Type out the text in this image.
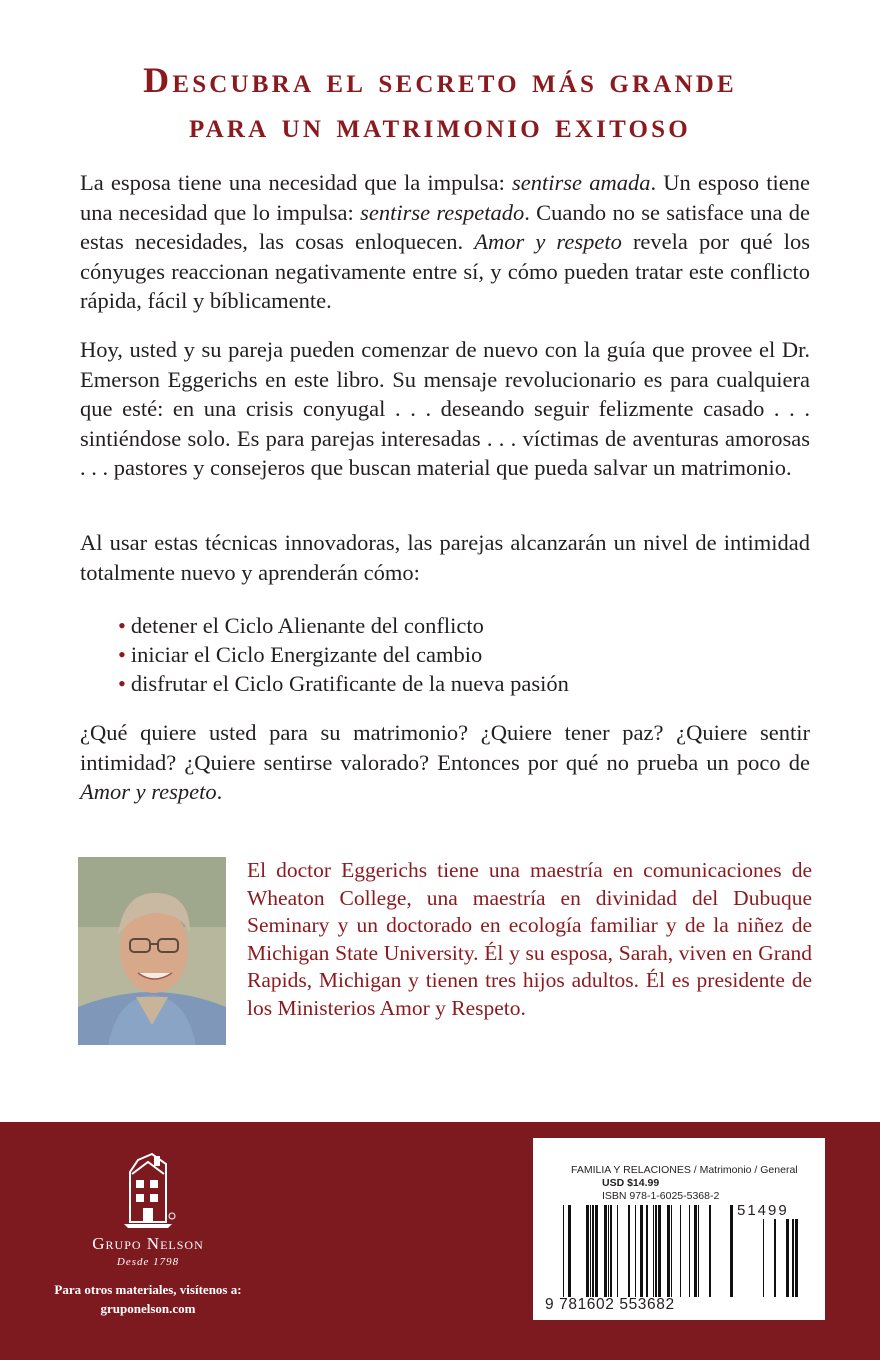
Descubra el secreto más grande
para un matrimonio exitoso

La esposa tiene una necesidad que la impulsa: sentirse amada. Un esposo tiene una necesidad que lo impulsa: sentirse respetado. Cuando no se satisface una de estas necesidades, las cosas enloquecen. Amor y respeto revela por qué los cónyuges reaccionan negativamente entre sí, y cómo pueden tratar este conflicto rápida, fácil y bíblicamente.

Hoy, usted y su pareja pueden comenzar de nuevo con la guía que provee el Dr. Emerson Eggerichs en este libro. Su mensaje revolucionario es para cualquiera que esté: en una crisis conyugal . . . deseando seguir felizmente casado . . . sintiéndose solo. Es para parejas interesadas . . . víctimas de aventuras amorosas . . . pastores y consejeros que buscan material que pueda salvar un matrimonio.

Al usar estas técnicas innovadoras, las parejas alcanzarán un nivel de intimidad totalmente nuevo y aprenderán cómo:

• detener el Ciclo Alienante del conflicto
• iniciar el Ciclo Energizante del cambio
• disfrutar el Ciclo Gratificante de la nueva pasión

¿Qué quiere usted para su matrimonio? ¿Quiere tener paz? ¿Quiere sentir intimidad? ¿Quiere sentirse valorado? Entonces por qué no prueba un poco de Amor y respeto.

El doctor Eggerichs tiene una maestría en comunicaciones de Wheaton College, una maestría en divinidad del Dubuque Seminary y un doctorado en ecología familiar y de la niñez de Michigan State University. Él y su esposa, Sarah, viven en Grand Rapids, Michigan y tienen tres hijos adultos. Él es presidente de los Ministerios Amor y Respeto.

Grupo Nelson
Desde 1798
Para otros materiales, visítenos a:
gruponelson.com
FAMILIA Y RELACIONES / Matrimonio / General
USD $14.99
ISBN 978-1-6025-5368-2
51499
9 781602 553682
